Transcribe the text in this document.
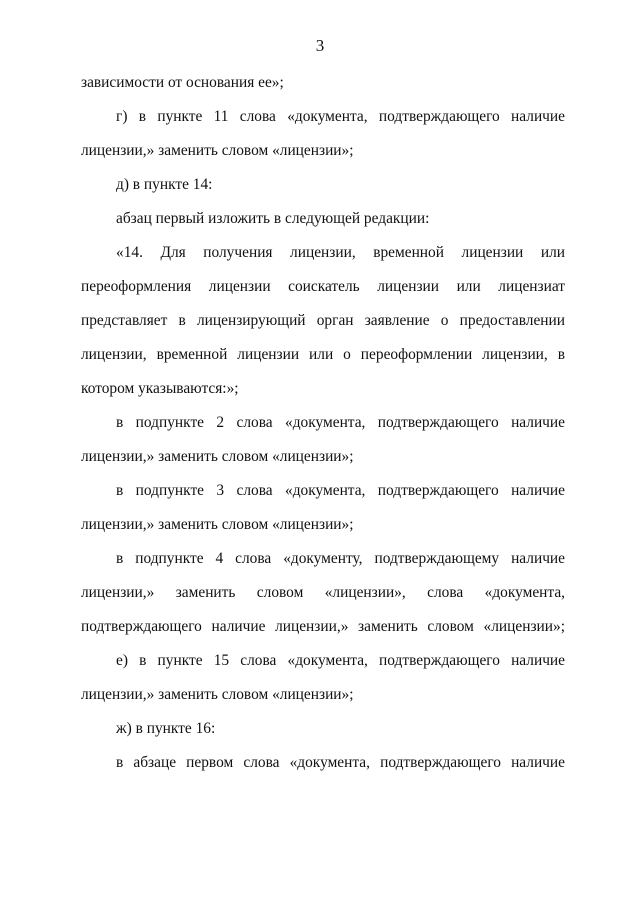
3
зависимости от основания ее»;
г) в пункте 11 слова «документа, подтверждающего наличие
лицензии,» заменить словом «лицензии»;
д) в пункте 14:
абзац первый изложить в следующей редакции:
«14. Для получения лицензии, временной лицензии или
переоформления лицензии соискатель лицензии или лицензиат
представляет в лицензирующий орган заявление о предоставлении
лицензии, временной лицензии или о переоформлении лицензии, в
котором указываются:»;
в подпункте 2 слова «документа, подтверждающего наличие
лицензии,» заменить словом «лицензии»;
в подпункте 3 слова «документа, подтверждающего наличие
лицензии,» заменить словом «лицензии»;
в подпункте 4 слова «документу, подтверждающему наличие
лицензии,» заменить словом «лицензии», слова «документа,
подтверждающего наличие лицензии,» заменить словом «лицензии»;
е) в пункте 15 слова «документа, подтверждающего наличие
лицензии,» заменить словом «лицензии»;
ж) в пункте 16:
в абзаце первом слова «документа, подтверждающего наличие
